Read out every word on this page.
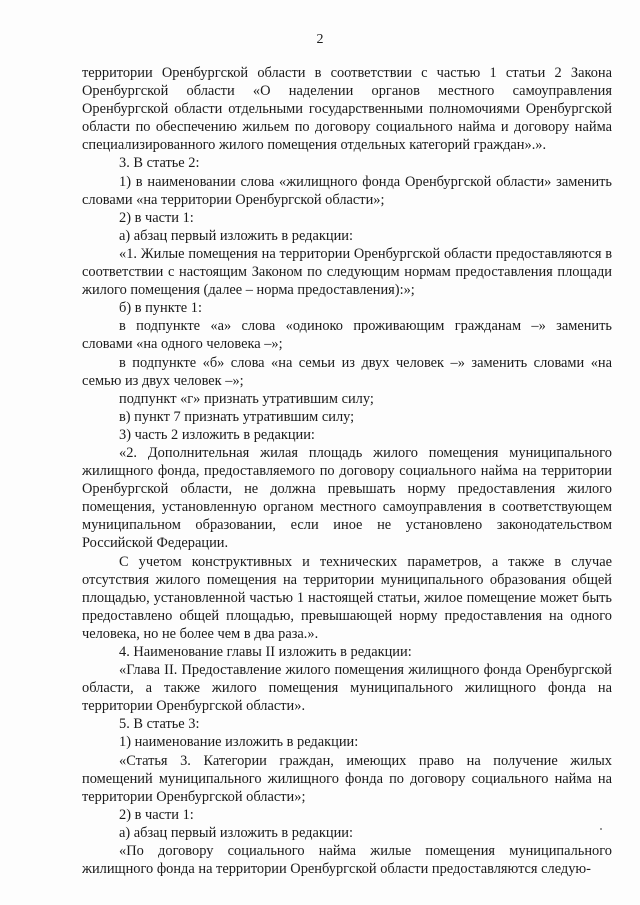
2

территории Оренбургской области в соответствии с частью 1 статьи 2 Закона Оренбургской области «О наделении органов местного самоуправления Оренбургской области отдельными государственными полномочиями Оренбургской области по обеспечению жильем по договору социального найма и договору найма специализированного жилого помещения отдельных категорий граждан».».

3. В статье 2:

1) в наименовании слова «жилищного фонда Оренбургской области» заменить словами «на территории Оренбургской области»;

2) в части 1:

а) абзац первый изложить в редакции:

«1. Жилые помещения на территории Оренбургской области предоставляются в соответствии с настоящим Законом по следующим нормам предоставления площади жилого помещения (далее – норма предоставления):»;

б) в пункте 1:

в подпункте «а» слова «одиноко проживающим гражданам –» заменить словами «на одного человека –»;

в подпункте «б» слова «на семьи из двух человек –» заменить словами «на семью из двух человек –»;

подпункт «г» признать утратившим силу;

в) пункт 7 признать утратившим силу;

3) часть 2 изложить в редакции:

«2. Дополнительная жилая площадь жилого помещения муниципального жилищного фонда, предоставляемого по договору социального найма на территории Оренбургской области, не должна превышать норму предоставления жилого помещения, установленную органом местного самоуправления в соответствующем муниципальном образовании, если иное не установлено законодательством Российской Федерации.

С учетом конструктивных и технических параметров, а также в случае отсутствия жилого помещения на территории муниципального образования общей площадью, установленной частью 1 настоящей статьи, жилое помещение может быть предоставлено общей площадью, превышающей норму предоставления на одного человека, но не более чем в два раза.».

4. Наименование главы II изложить в редакции:

«Глава II. Предоставление жилого помещения жилищного фонда Оренбургской области, а также жилого помещения муниципального жилищного фонда на территории Оренбургской области».

5. В статье 3:

1) наименование изложить в редакции:

«Статья 3. Категории граждан, имеющих право на получение жилых помещений муниципального жилищного фонда по договору социального найма на территории Оренбургской области»;

2) в части 1:

а) абзац первый изложить в редакции:

«По договору социального найма жилые помещения муниципального жилищного фонда на территории Оренбургской области предоставляются следую-
